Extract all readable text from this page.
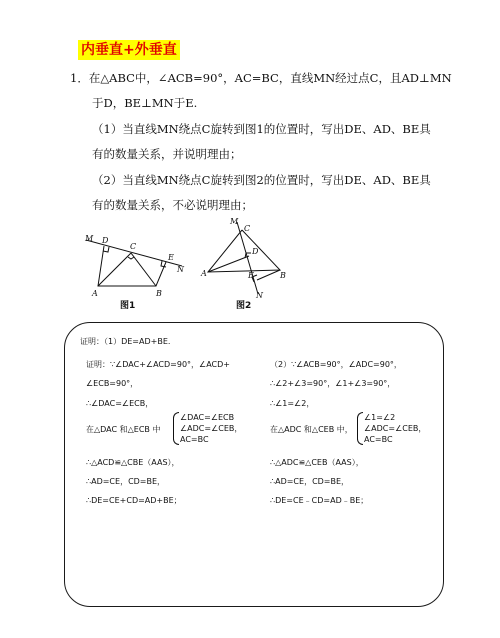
内垂直+外垂直
1．在△ABC中，∠ACB=90°，AC=BC，直线MN经过点C，且AD⊥MN
于D，BE⊥MN于E.
（1）当直线MN绕点C旋转到图1的位置时，写出DE、AD、BE具
有的数量关系，并说明理由；
（2）当直线MN绕点C旋转到图2的位置时，写出DE、AD、BE具
有的数量关系，不必说明理由；
M D
C
E
N
A	B
图1
M
C
D
E
A	B
N
图2
证明：（1）DE=AD+BE.
证明：∵∠DAC+∠ACD=90°，∠ACD+
∠ECB=90°，
∴∠DAC=∠ECB，
在△DAC 和△ECB 中
∠DAC=∠ECB
∠ADC=∠CEB，
AC=BC
∴△ACD≌△CBE（AAS），
∴AD=CE，CD=BE，
∴DE=CE+CD=AD+BE；
（2）∵∠ACB=90°，∠ADC=90°，
∴∠2+∠3=90°，∠1+∠3=90°，
∴∠1=∠2，
在△ADC 和△CEB 中，
∠1=∠2
∠ADC=∠CEB，
AC=BC
∴△ADC≌△CEB（AAS），
∴AD=CE，CD=BE，
∴DE=CE﹣CD=AD﹣BE；
